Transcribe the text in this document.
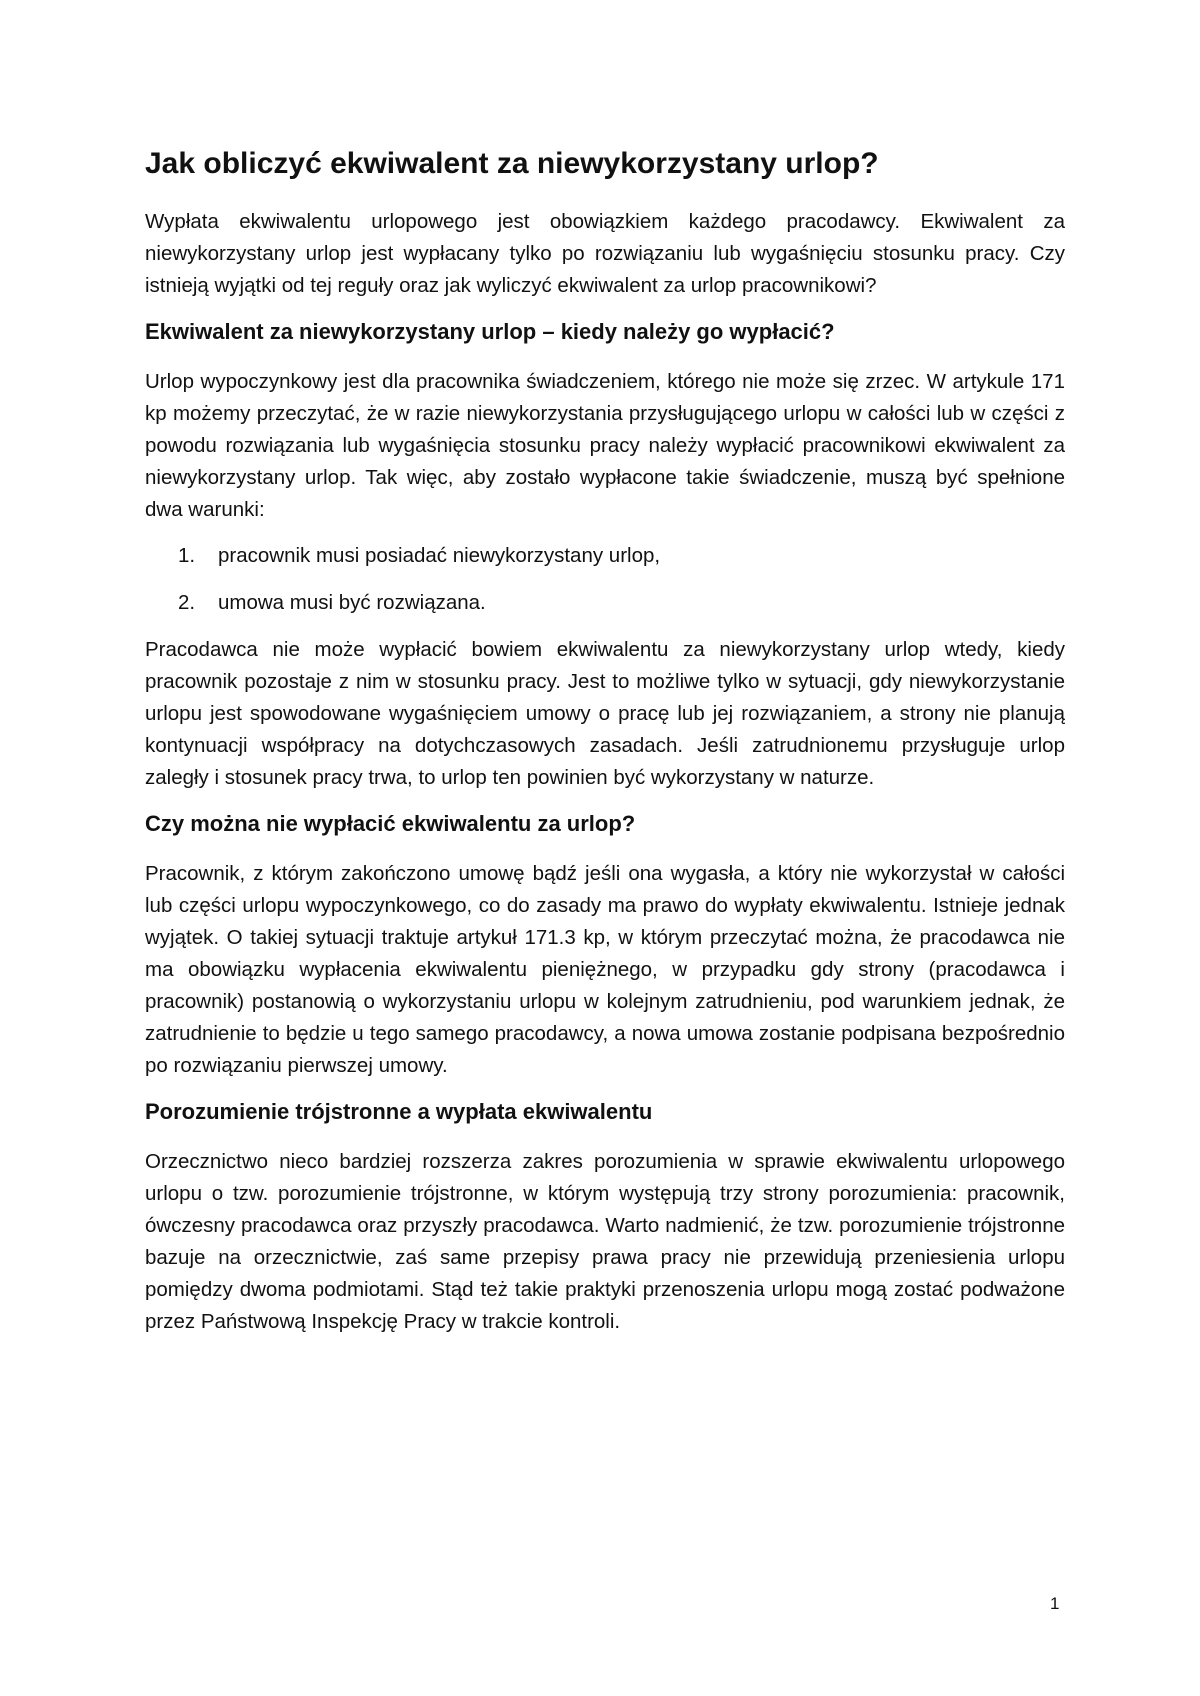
Jak obliczyć ekwiwalent za niewykorzystany urlop?

Wypłata ekwiwalentu urlopowego jest obowiązkiem każdego pracodawcy. Ekwiwalent za niewykorzystany urlop jest wypłacany tylko po rozwiązaniu lub wygaśnięciu stosunku pracy. Czy istnieją wyjątki od tej reguły oraz jak wyliczyć ekwiwalent za urlop pracownikowi?

Ekwiwalent za niewykorzystany urlop – kiedy należy go wypłacić?

Urlop wypoczynkowy jest dla pracownika świadczeniem, którego nie może się zrzec. W artykule 171 kp możemy przeczytać, że w razie niewykorzystania przysługującego urlopu w całości lub w części z powodu rozwiązania lub wygaśnięcia stosunku pracy należy wypłacić pracownikowi ekwiwalent za niewykorzystany urlop. Tak więc, aby zostało wypłacone takie świadczenie, muszą być spełnione dwa warunki:

1.	pracownik musi posiadać niewykorzystany urlop,
2.	umowa musi być rozwiązana.

Pracodawca nie może wypłacić bowiem ekwiwalentu za niewykorzystany urlop wtedy, kiedy pracownik pozostaje z nim w stosunku pracy. Jest to możliwe tylko w sytuacji, gdy niewykorzystanie urlopu jest spowodowane wygaśnięciem umowy o pracę lub jej rozwiązaniem, a strony nie planują kontynuacji współpracy na dotychczasowych zasadach. Jeśli zatrudnionemu przysługuje urlop zaległy i stosunek pracy trwa, to urlop ten powinien być wykorzystany w naturze.

Czy można nie wypłacić ekwiwalentu za urlop?

Pracownik, z którym zakończono umowę bądź jeśli ona wygasła, a który nie wykorzystał w całości lub części urlopu wypoczynkowego, co do zasady ma prawo do wypłaty ekwiwalentu. Istnieje jednak wyjątek. O takiej sytuacji traktuje artykuł 171.3 kp, w którym przeczytać można, że pracodawca nie ma obowiązku wypłacenia ekwiwalentu pieniężnego, w przypadku gdy strony (pracodawca i pracownik) postanowią o wykorzystaniu urlopu w kolejnym zatrudnieniu, pod warunkiem jednak, że zatrudnienie to będzie u tego samego pracodawcy, a nowa umowa zostanie podpisana bezpośrednio po rozwiązaniu pierwszej umowy.

Porozumienie trójstronne a wypłata ekwiwalentu

Orzecznictwo nieco bardziej rozszerza zakres porozumienia w sprawie ekwiwalentu urlopowego urlopu o tzw. porozumienie trójstronne, w którym występują trzy strony porozumienia: pracownik, ówczesny pracodawca oraz przyszły pracodawca. Warto nadmienić, że tzw. porozumienie trójstronne bazuje na orzecznictwie, zaś same przepisy prawa pracy nie przewidują przeniesienia urlopu pomiędzy dwoma podmiotami. Stąd też takie praktyki przenoszenia urlopu mogą zostać podważone przez Państwową Inspekcję Pracy w trakcie kontroli.

1
